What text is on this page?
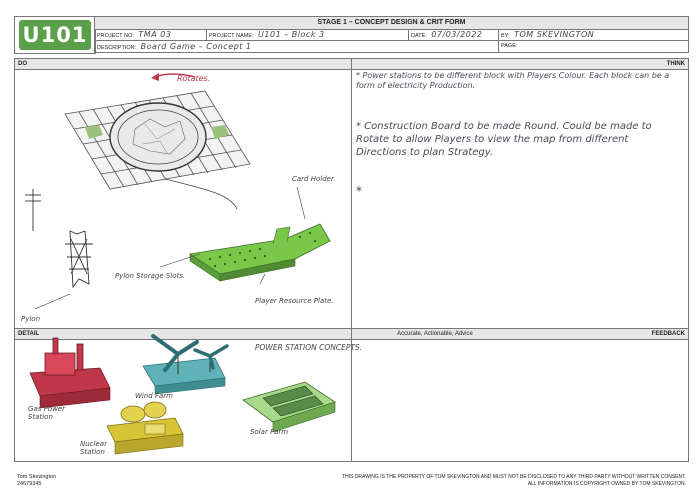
U101
STAGE 1 – CONCEPT DESIGN & CRIT FORM
PROJECT NO: TMA 03	PROJECT NAME: U101 – Block 3	DATE: 07/03/2022	BY: TOM SKEVINGTON
DESCRIPTION: Board Game – Concept 1	PAGE:
DO	THINK
DETAIL	Accurate, Actionable, Advice	FEEDBACK
* Power stations to be different block with Players Colour. Each block can be a form of electricity Production.
* Construction Board to be made Round. Could be made to Rotate to allow Players to view the map from different Directions to plan Strategy.
*
Rotates.
Card Holder.
Pylon
Pylon Storage Slots.
Player Resource Plate.
POWER STATION CONCEPTS.
Gas Power Station
Wind Farm
Nuclear Station
Solar Farm
Tom Skevington
24679345
THIS DRAWING IS THE PROPERTY OF TOM SKEVINGTON AND MUST NOT BE DISCLOSED TO ANY THIRD PARTY WITHOUT WRITTEN CONSENT.
ALL INFORMATION IS COPYRIGHT OWNED BY TOM SKEVINGTON.
